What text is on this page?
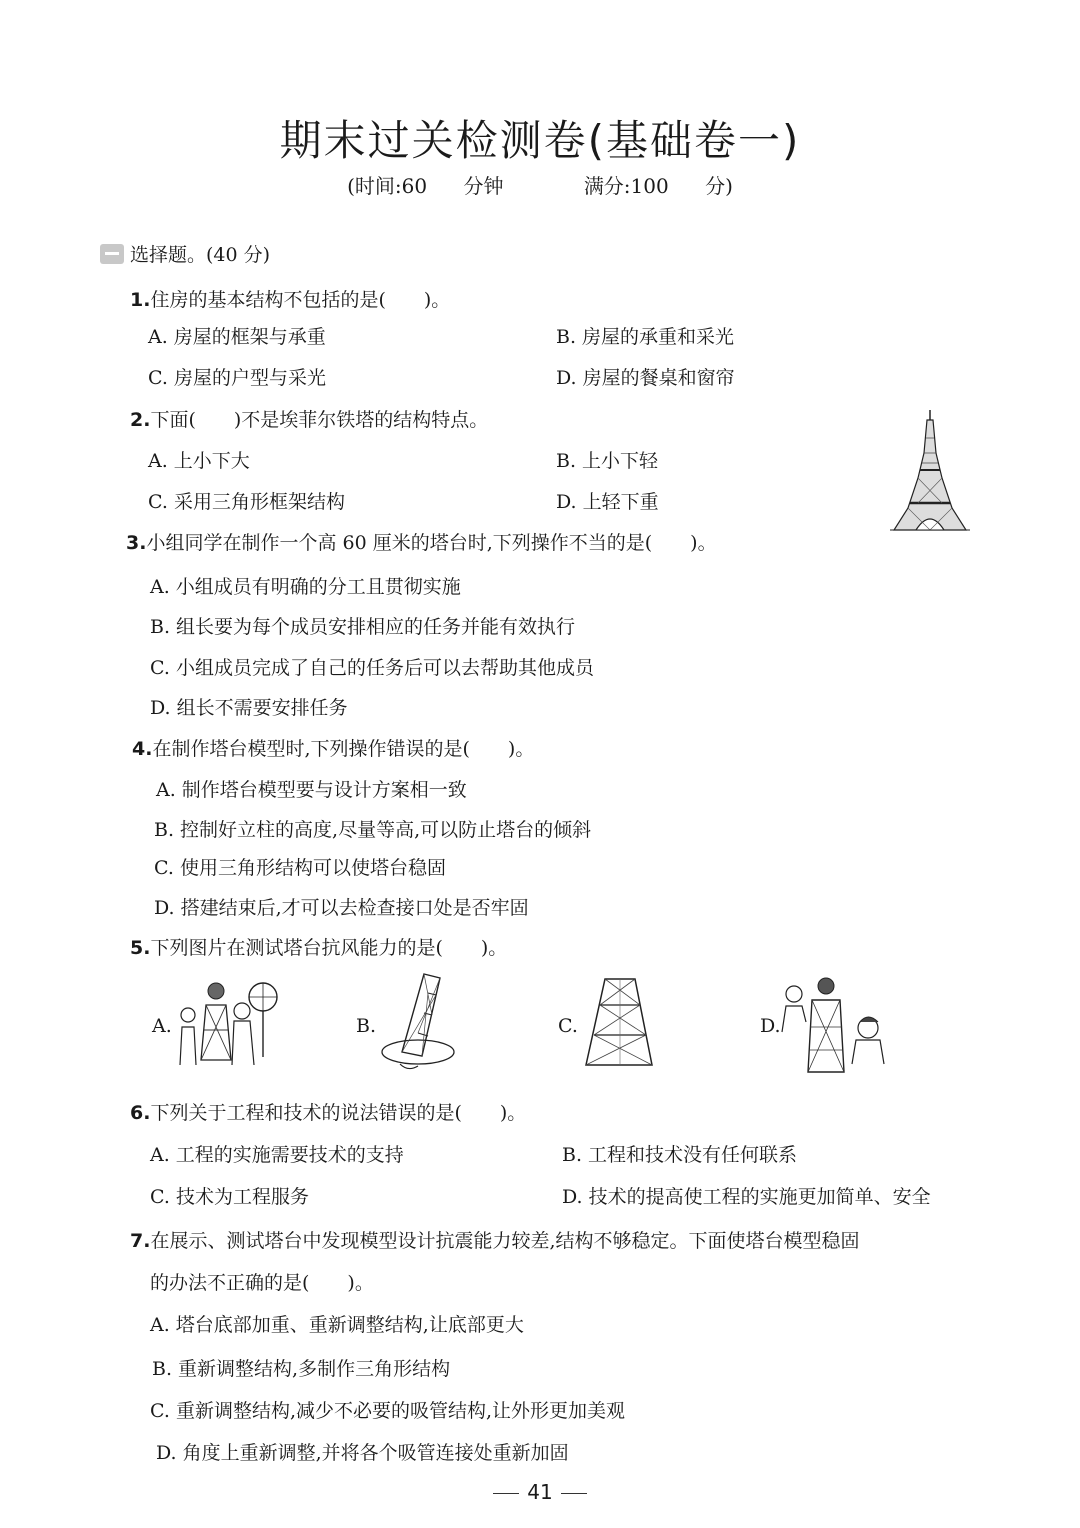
期末过关检测卷(基础卷一)
(时间:60 分钟	满分:100 分)
选择题。 (40 分)
1.住房的基本结构不包括的是(　　)。
A. 房屋的框架与承重	B. 房屋的承重和采光
C. 房屋的户型与采光	D. 房屋的餐桌和窗帘
2.下面(　　)不是埃菲尔铁塔的结构特点。
A. 上小下大	B. 上小下轻
C. 采用三角形框架结构	D. 上轻下重
3.小组同学在制作一个高 60 厘米的塔台时,下列操作不当的是(　　)。
A. 小组成员有明确的分工且贯彻实施
B. 组长要为每个成员安排相应的任务并能有效执行
C. 小组成员完成了自己的任务后可以去帮助其他成员
D. 组长不需要安排任务
4.在制作塔台模型时,下列操作错误的是(　　)。
A. 制作塔台模型要与设计方案相一致
B. 控制好立柱的高度,尽量等高,可以防止塔台的倾斜
C. 使用三角形结构可以使塔台稳固
D. 搭建结束后,才可以去检查接口处是否牢固
5.下列图片在测试塔台抗风能力的是(　　)。
A.	B.	C.	D.
6.下列关于工程和技术的说法错误的是(　　)。
A. 工程的实施需要技术的支持	B. 工程和技术没有任何联系
C. 技术为工程服务	D. 技术的提高使工程的实施更加简单、安全
7.在展示、测试塔台中发现模型设计抗震能力较差,结构不够稳定。下面使塔台模型稳固
的办法不正确的是(　　)。
A. 塔台底部加重、重新调整结构,让底部更大
B. 重新调整结构,多制作三角形结构
C. 重新调整结构,减少不必要的吸管结构,让外形更加美观
D. 角度上重新调整,并将各个吸管连接处重新加固
41
